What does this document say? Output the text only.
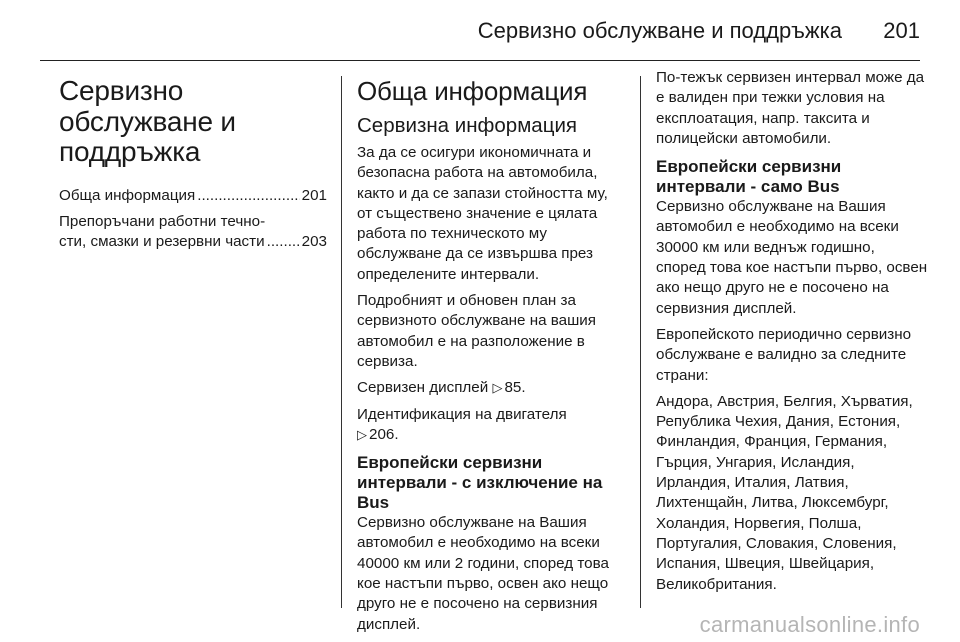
Сервизно обслужване и поддръжка 201
Сервизно обслужване и поддръжка
Обща информация .....	201
Препоръчани работни течно-
сти, смазки и резервни части ..... 203
Обща информация
Сервизна информация
За да се осигури икономичната и безопасна работа на автомобила, както и да се запази стойността му, от съществено значение е цялата работа по техническото му обслужване да се извършва през определените интервали.
Подробният и обновен план за сервизното обслужване на вашия автомобил е на разположение в сервиза.
Сервизен дисплей ▷ 85.
Идентификация на двигателя
▷ 206.
Европейски сервизни
интервали - с изключение на
Bus
Сервизно обслужване на Вашия автомобил е необходимо на всеки 40000 км или 2 години, според това кое настъпи първо, освен ако нещо друго не е посочено на сервизния дисплей.
По-тежък сервизен интервал може да е валиден при тежки условия на експлоатация, напр. таксита и полицейски автомобили.
Европейски сервизни
интервали - само Bus
Сервизно обслужване на Вашия автомобил е необходимо на всеки 30000 км или веднъж годишно, според това кое настъпи първо, освен ако нещо друго не е посочено на сервизния дисплей.
Европейското периодично сервизно обслужване е валидно за следните страни:
Андора, Австрия, Белгия, Хърватия, Република Чехия, Дания, Естония, Финландия, Франция, Германия, Гърция, Унгария, Исландия, Ирландия, Италия, Латвия, Лихтенщайн, Литва, Люксембург, Холандия, Норвегия, Полша, Португалия, Словакия, Словения, Испания, Швеция, Швейцария, Великобритания.
carmanualsonline.info
